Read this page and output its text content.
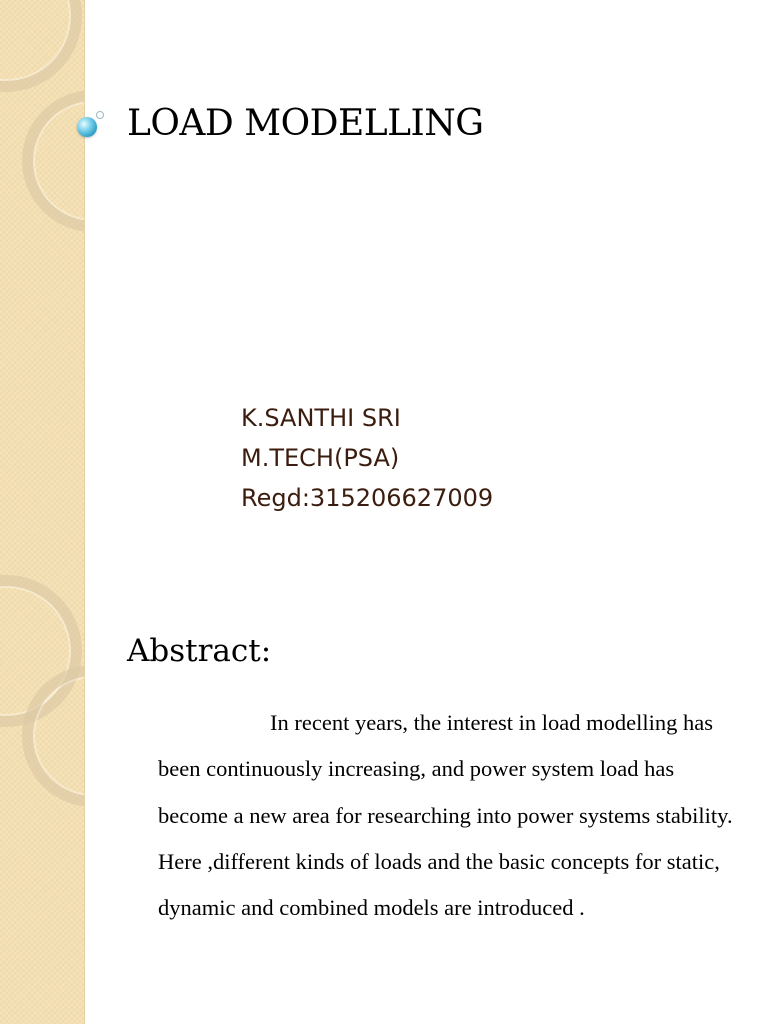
LOAD MODELLING
K.SANTHI SRI
M.TECH(PSA)
Regd:315206627009
Abstract:

In recent years, the interest in load modelling has been continuously increasing, and power system load has become a new area for researching into power systems stability. Here ,different kinds of loads and the basic concepts for static, dynamic and combined models are introduced .
